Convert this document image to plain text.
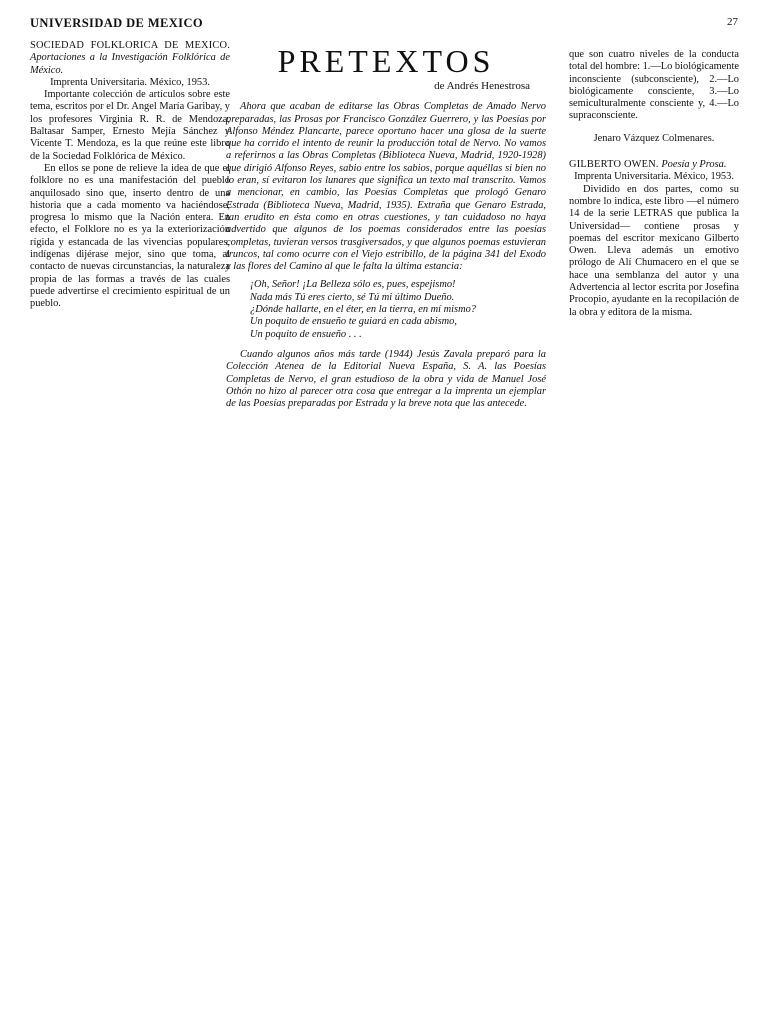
UNIVERSIDAD DE MEXICO	27

SOCIEDAD FOLKLORICA DE MEXICO. Aportaciones a la Investigación Folklórica de México.
Imprenta Universitaria. México, 1953.

Importante colección de artículos sobre este tema, escritos por el Dr. Angel María Garibay, y los profesores Virginia R. R. de Mendoza, Baltasar Samper, Ernesto Mejía Sánchez y Vicente T. Mendoza, es la que reúne este libro de la Sociedad Folklórica de México.

En ellos se pone de relieve la idea de que el folklore no es una manifestación del pueblo anquilosado sino que, inserto dentro de una historia que a cada momento va haciéndose, progresa lo mismo que la Nación entera. En efecto, el Folklore no es ya la exteriorización rígida y estancada de las vivencias populares, indígenas dijérase mejor, sino que toma, al contacto de nuevas circunstancias, la naturaleza propia de las formas a través de las cuales puede advertirse el crecimiento espiritual de un pueblo.

PRETEXTOS
de Andrés Henestrosa

Ahora que acaban de editarse las Obras Completas de Amado Nervo preparadas, las Prosas por Francisco González Guerrero, y las Poesías por Alfonso Méndez Plancarte, parece oportuno hacer una glosa de la suerte que ha corrido el intento de reunir la producción total de Nervo. No vamos a referirnos a las Obras Completas (Biblioteca Nueva, Madrid, 1920-1928) que dirigió Alfonso Reyes, sabio entre los sabios, porque aquéllas si bien no lo eran, sí evitaron los lunares que significa un texto mal transcrito. Vamos a mencionar, en cambio, las Poesías Completas que prologó Genaro Estrada (Biblioteca Nueva, Madrid, 1935). Extraña que Genaro Estrada, tan erudito en ésta como en otras cuestiones, y tan cuidadoso no haya advertido que algunos de los poemas considerados entre las poesías completas, tuvieran versos trasgiversados, y que algunos poemas estuvieran truncos, tal como ocurre con el Viejo estribillo, de la página 341 del Exodo y las flores del Camino al que le falta la última estancia:

¡Oh, Señor! ¡La Belleza sólo es, pues, espejismo!
Nada más Tú eres cierto, sé Tú mi último Dueño.
¿Dónde hallarte, en el éter, en la tierra, en mí mismo?
Un poquito de ensueño te guiará en cada abismo,
Un poquito de ensueño . . .

Cuando algunos años más tarde (1944) Jesús Zavala preparó para la Colección Atenea de la Editorial Nueva España, S. A. las Poesías Completas de Nervo, el gran estudioso de la obra y vida de Manuel José Othón no hizo al parecer otra cosa que entregar a la imprenta un ejemplar de las Poesías preparadas por Estrada y la breve nota que las antecede.

que son cuatro niveles de la conducta total del hombre: 1.—Lo biológicamente inconsciente (subconsciente), 2.—Lo biológicamente consciente, 3.—Lo semiculturalmente consciente y, 4.—Lo supraconsciente.

Jenaro Vázquez Colmenares.

GILBERTO OWEN. Poesía y Prosa.
Imprenta Universitaria. México, 1953.

Dividido en dos partes, como su nombre lo indica, este libro —el número 14 de la serie LETRAS que publica la Universidad— contiene prosas y poemas del escritor mexicano Gilberto Owen. Lleva además un emotivo prólogo de Alí Chumacero en el que se hace una semblanza del autor y una Advertencia al lector escrita por Josefina Procopio, ayudante en la recopilación de la obra y editora de la misma.
